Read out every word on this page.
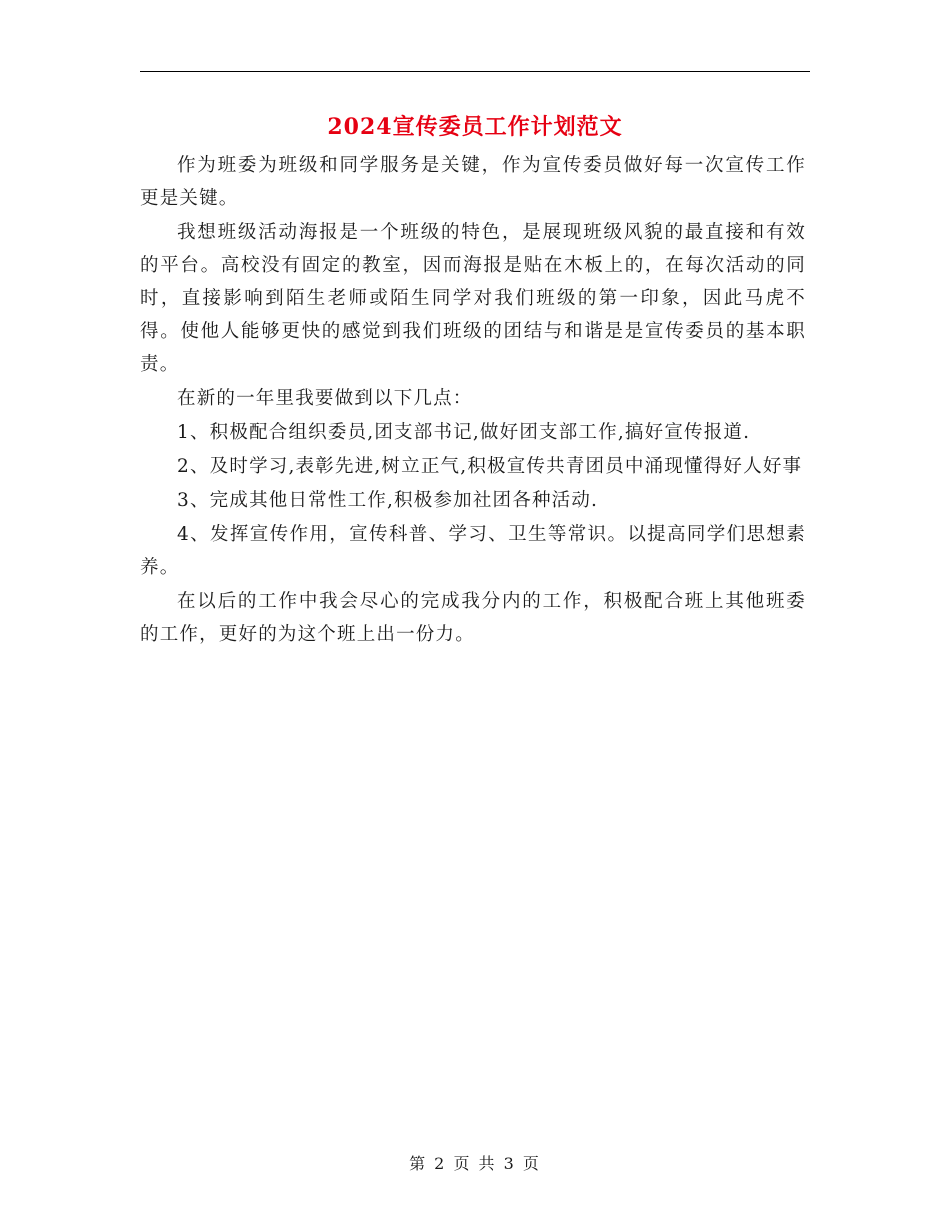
2024宣传委员工作计划范文

作为班委为班级和同学服务是关键，作为宣传委员做好每一次宣传工作更是关键。

我想班级活动海报是一个班级的特色，是展现班级风貌的最直接和有效的平台。高校没有固定的教室，因而海报是贴在木板上的，在每次活动的同时，直接影响到陌生老师或陌生同学对我们班级的第一印象，因此马虎不得。使他人能够更快的感觉到我们班级的团结与和谐是是宣传委员的基本职责。

在新的一年里我要做到以下几点：

1、积极配合组织委员,团支部书记,做好团支部工作,搞好宣传报道.

2、及时学习,表彰先进,树立正气,积极宣传共青团员中涌现懂得好人好事

3、完成其他日常性工作,积极参加社团各种活动.

4、发挥宣传作用，宣传科普、学习、卫生等常识。以提高同学们思想素养。

在以后的工作中我会尽心的完成我分内的工作，积极配合班上其他班委的工作，更好的为这个班上出一份力。

第 2 页 共 3 页
